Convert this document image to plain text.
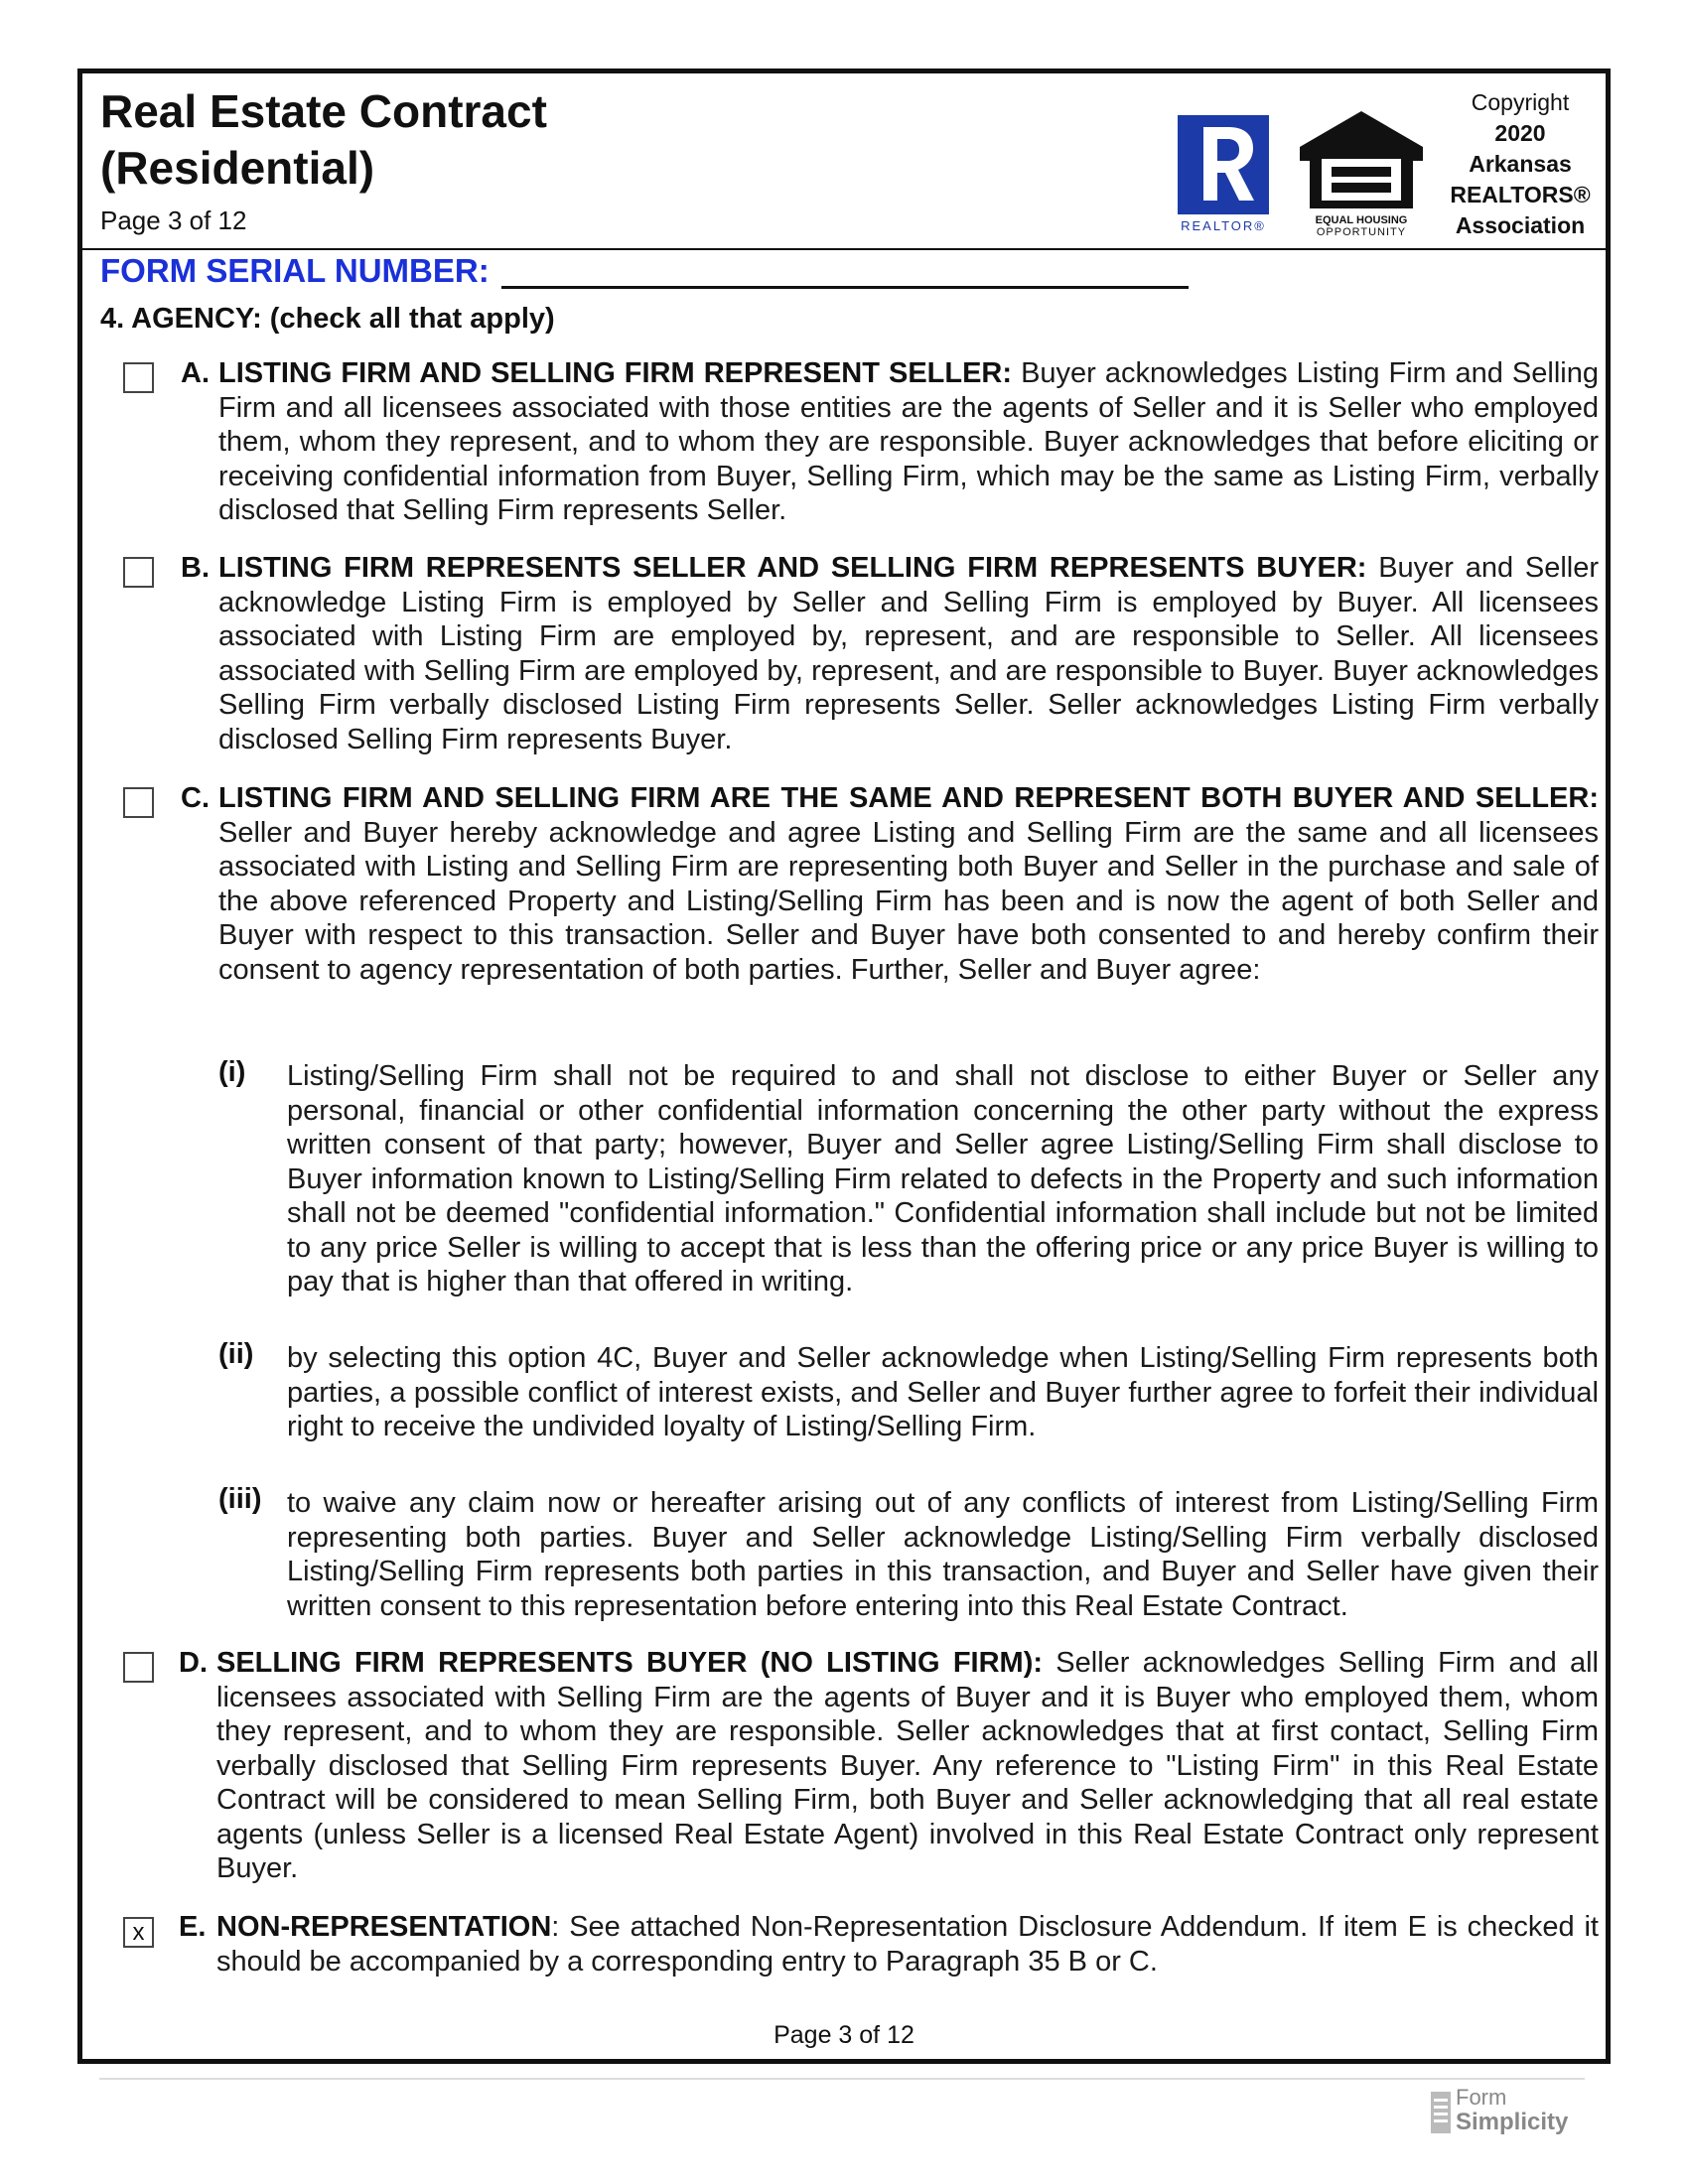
Real Estate Contract
(Residential)
Page 3 of 12	REALTOR®	EQUAL HOUSING
OPPORTUNITY
Copyright
2020
Arkansas
REALTORS®
Association
FORM SERIAL NUMBER:
4. AGENCY: (check all that apply)
A. LISTING FIRM AND SELLING FIRM REPRESENT SELLER: Buyer acknowledges Listing Firm and Selling Firm and all licensees associated with those entities are the agents of Seller and it is Seller who employed them, whom they represent, and to whom they are responsible. Buyer acknowledges that before eliciting or receiving confidential information from Buyer, Selling Firm, which may be the same as Listing Firm, verbally disclosed that Selling Firm represents Seller.
B. LISTING FIRM REPRESENTS SELLER AND SELLING FIRM REPRESENTS BUYER: Buyer and Seller acknowledge Listing Firm is employed by Seller and Selling Firm is employed by Buyer. All licensees associated with Listing Firm are employed by, represent, and are responsible to Seller. All licensees associated with Selling Firm are employed by, represent, and are responsible to Buyer. Buyer acknowledges Selling Firm verbally disclosed Listing Firm represents Seller. Seller acknowledges Listing Firm verbally disclosed Selling Firm represents Buyer.
C. LISTING FIRM AND SELLING FIRM ARE THE SAME AND REPRESENT BOTH BUYER AND SELLER: Seller and Buyer hereby acknowledge and agree Listing and Selling Firm are the same and all licensees associated with Listing and Selling Firm are representing both Buyer and Seller in the purchase and sale of the above referenced Property and Listing/Selling Firm has been and is now the agent of both Seller and Buyer with respect to this transaction. Seller and Buyer have both consented to and hereby confirm their consent to agency representation of both parties. Further, Seller and Buyer agree:
(i) Listing/Selling Firm shall not be required to and shall not disclose to either Buyer or Seller any personal, financial or other confidential information concerning the other party without the express written consent of that party; however, Buyer and Seller agree Listing/Selling Firm shall disclose to Buyer information known to Listing/Selling Firm related to defects in the Property and such information shall not be deemed "confidential information." Confidential information shall include but not be limited to any price Seller is willing to accept that is less than the offering price or any price Buyer is willing to pay that is higher than that offered in writing.
(ii) by selecting this option 4C, Buyer and Seller acknowledge when Listing/Selling Firm represents both parties, a possible conflict of interest exists, and Seller and Buyer further agree to forfeit their individual right to receive the undivided loyalty of Listing/Selling Firm.
(iii) to waive any claim now or hereafter arising out of any conflicts of interest from Listing/Selling Firm representing both parties. Buyer and Seller acknowledge Listing/Selling Firm verbally disclosed Listing/Selling Firm represents both parties in this transaction, and Buyer and Seller have given their written consent to this representation before entering into this Real Estate Contract.
D. SELLING FIRM REPRESENTS BUYER (NO LISTING FIRM): Seller acknowledges Selling Firm and all licensees associated with Selling Firm are the agents of Buyer and it is Buyer who employed them, whom they represent, and to whom they are responsible. Seller acknowledges that at first contact, Selling Firm verbally disclosed that Selling Firm represents Buyer. Any reference to "Listing Firm" in this Real Estate Contract will be considered to mean Selling Firm, both Buyer and Seller acknowledging that all real estate agents (unless Seller is a licensed Real Estate Agent) involved in this Real Estate Contract only represent Buyer.
x	E. NON-REPRESENTATION: See attached Non-Representation Disclosure Addendum. If item E is checked it should be accompanied by a corresponding entry to Paragraph 35 B or C.
Page 3 of 12
Form
Simplicity
